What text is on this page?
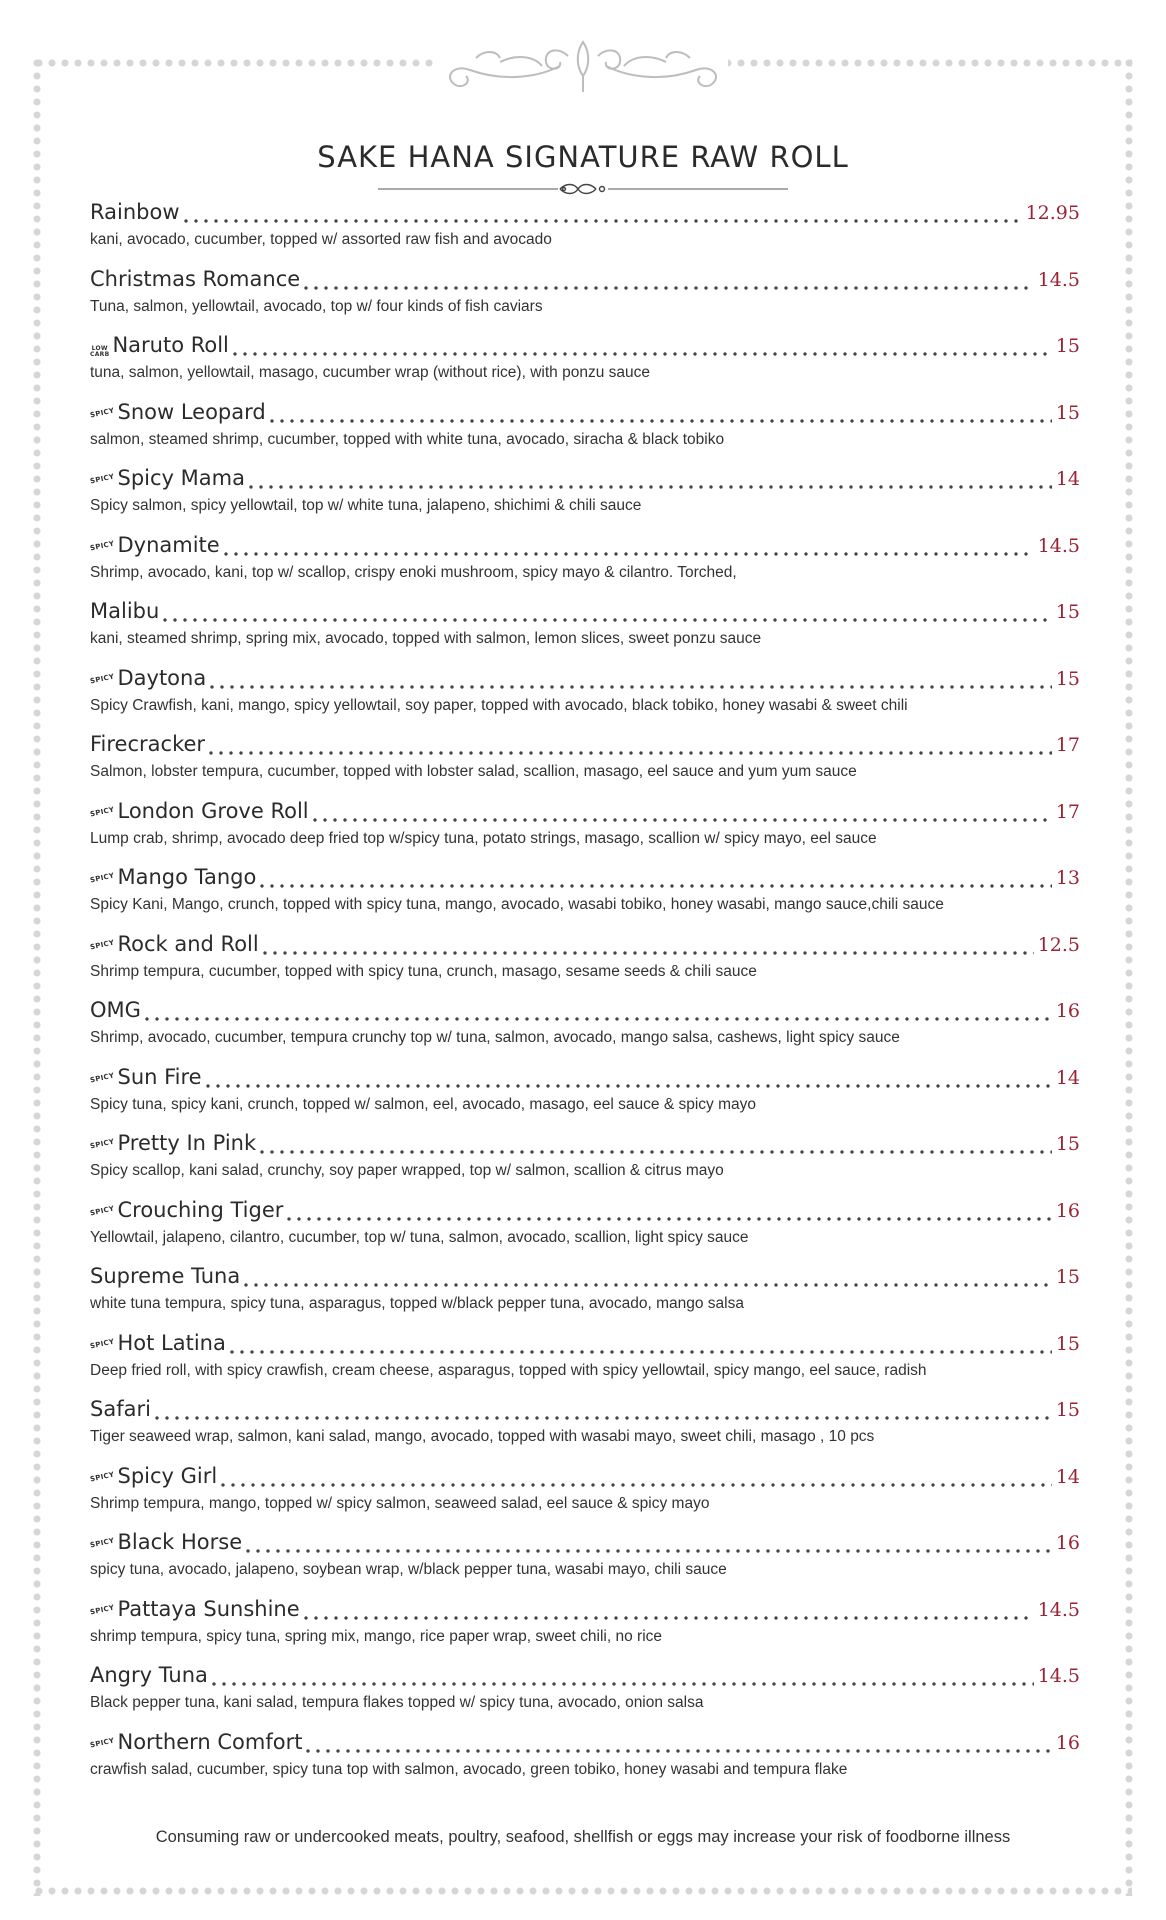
SAKE HANA SIGNATURE RAW ROLL
Rainbow	12.95
kani, avocado, cucumber, topped w/ assorted raw fish and avocado
Christmas Romance	14.5
Tuna, salmon, yellowtail, avocado, top w/ four kinds of fish caviars
LOW
CARB Naruto Roll	15
tuna, salmon, yellowtail, masago, cucumber wrap (without rice), with ponzu sauce
SPICY Snow Leopard	15
salmon, steamed shrimp, cucumber, topped with white tuna, avocado, siracha & black tobiko
SPICY Spicy Mama	14
Spicy salmon, spicy yellowtail, top w/ white tuna, jalapeno, shichimi & chili sauce
SPICY Dynamite	14.5
Shrimp, avocado, kani, top w/ scallop, crispy enoki mushroom, spicy mayo & cilantro. Torched,
Malibu	15
kani, steamed shrimp, spring mix, avocado, topped with salmon, lemon slices, sweet ponzu sauce
SPICY Daytona	15
Spicy Crawfish, kani, mango, spicy yellowtail, soy paper, topped with avocado, black tobiko, honey wasabi & sweet chili
Firecracker	17
Salmon, lobster tempura, cucumber, topped with lobster salad, scallion, masago, eel sauce and yum yum sauce
SPICY London Grove Roll	17
Lump crab, shrimp, avocado deep fried top w/spicy tuna, potato strings, masago, scallion w/ spicy mayo, eel sauce
SPICY Mango Tango	13
Spicy Kani, Mango, crunch, topped with spicy tuna, mango, avocado, wasabi tobiko, honey wasabi, mango sauce,chili sauce
SPICY Rock and Roll	12.5
Shrimp tempura, cucumber, topped with spicy tuna, crunch, masago, sesame seeds & chili sauce
OMG	16
Shrimp, avocado, cucumber, tempura crunchy top w/ tuna, salmon, avocado, mango salsa, cashews, light spicy sauce
SPICY Sun Fire	14
Spicy tuna, spicy kani, crunch, topped w/ salmon, eel, avocado, masago, eel sauce & spicy mayo
SPICY Pretty In Pink	15
Spicy scallop, kani salad, crunchy, soy paper wrapped, top w/ salmon, scallion & citrus mayo
SPICY Crouching Tiger	16
Yellowtail, jalapeno, cilantro, cucumber, top w/ tuna, salmon, avocado, scallion, light spicy sauce
Supreme Tuna	15
white tuna tempura, spicy tuna, asparagus, topped w/black pepper tuna, avocado, mango salsa
SPICY Hot Latina	15
Deep fried roll, with spicy crawfish, cream cheese, asparagus, topped with spicy yellowtail, spicy mango, eel sauce, radish
Safari	15
Tiger seaweed wrap, salmon, kani salad, mango, avocado, topped with wasabi mayo, sweet chili, masago , 10 pcs
SPICY Spicy Girl	14
Shrimp tempura, mango, topped w/ spicy salmon, seaweed salad, eel sauce & spicy mayo
SPICY Black Horse	16
spicy tuna, avocado, jalapeno, soybean wrap, w/black pepper tuna, wasabi mayo, chili sauce
SPICY Pattaya Sunshine	14.5
shrimp tempura, spicy tuna, spring mix, mango, rice paper wrap, sweet chili, no rice
Angry Tuna	14.5
Black pepper tuna, kani salad, tempura flakes topped w/ spicy tuna, avocado, onion salsa
SPICY Northern Comfort	16
crawfish salad, cucumber, spicy tuna top with salmon, avocado, green tobiko, honey wasabi and tempura flake
Consuming raw or undercooked meats, poultry, seafood, shellfish or eggs may increase your risk of foodborne illness
